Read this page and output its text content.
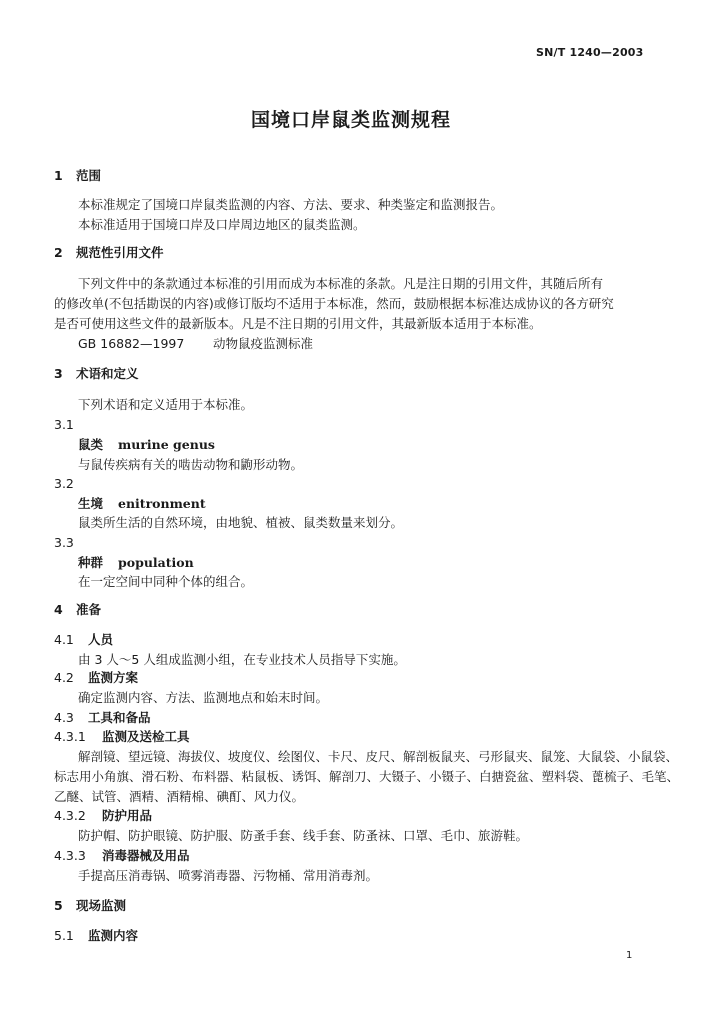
SN/T 1240—2003
国境口岸鼠类监测规程
1 范围
本标准规定了国境口岸鼠类监测的内容、方法、要求、种类鉴定和监测报告。
本标准适用于国境口岸及口岸周边地区的鼠类监测。
2 规范性引用文件
下列文件中的条款通过本标准的引用而成为本标准的条款。凡是注日期的引用文件，其随后所有
的修改单(不包括勘误的内容)或修订版均不适用于本标准，然而，鼓励根据本标准达成协议的各方研究
是否可使用这些文件的最新版本。凡是不注日期的引用文件，其最新版本适用于本标准。
GB 16882—1997 动物鼠疫监测标准
3 术语和定义
下列术语和定义适用于本标准。
3.1
鼠类 murine genus
与鼠传疾病有关的啮齿动物和鼩形动物。
3.2
生境 enitronment
鼠类所生活的自然环境，由地貌、植被、鼠类数量来划分。
3.3
种群 population
在一定空间中同种个体的组合。
4 准备
4.1 人员
由 3 人～5 人组成监测小组，在专业技术人员指导下实施。
4.2 监测方案
确定监测内容、方法、监测地点和始末时间。
4.3 工具和备品
4.3.1 监测及送检工具
解剖镜、望远镜、海拔仪、坡度仪、绘图仪、卡尺、皮尺、解剖板鼠夹、弓形鼠夹、鼠笼、大鼠袋、小鼠袋、
标志用小角旗、滑石粉、布料器、粘鼠板、诱饵、解剖刀、大镊子、小镊子、白搪瓷盆、塑料袋、蓖梳子、毛笔、
乙醚、试管、酒精、酒精棉、碘酊、风力仪。
4.3.2 防护用品
防护帽、防护眼镜、防护服、防蚤手套、线手套、防蚤袜、口罩、毛巾、旅游鞋。
4.3.3 消毒器械及用品
手提高压消毒锅、喷雾消毒器、污物桶、常用消毒剂。
5 现场监测
5.1 监测内容
1
